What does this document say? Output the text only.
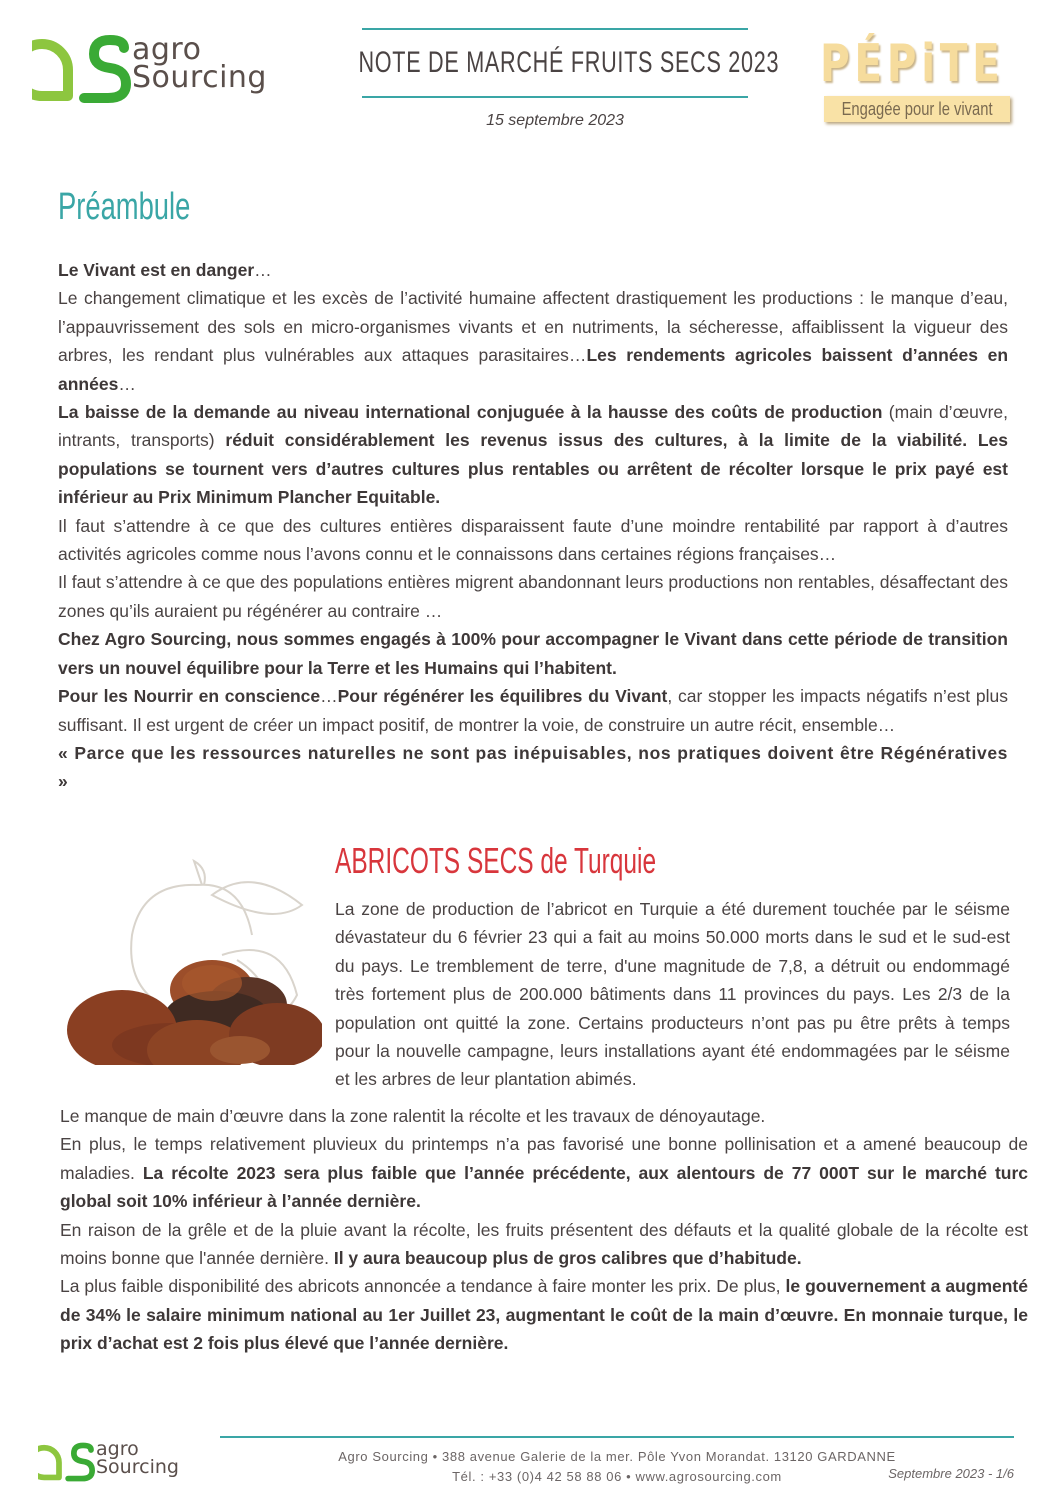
agro
Sourcing	NOTE DE MARCHÉ FRUITS SECS 2023
15 septembre 2023
PÉPiTE
Engagée pour le vivant
Préambule

Le Vivant est en danger…

Le changement climatique et les excès de l’activité humaine affectent drastiquement les productions : le manque d’eau, l’appauvrissement des sols en micro-organismes vivants et en nutriments, la sécheresse, affaiblissent la vigueur des arbres, les rendant plus vulnérables aux attaques parasitaires…Les rendements agricoles baissent d’années en années…

La baisse de la demande au niveau international conjuguée à la hausse des coûts de production (main d’œuvre, intrants, transports) réduit considérablement les revenus issus des cultures, à la limite de la viabilité. Les populations se tournent vers d’autres cultures plus rentables ou arrêtent de récolter lorsque le prix payé est inférieur au Prix Minimum Plancher Equitable.

Il faut s’attendre à ce que des cultures entières disparaissent faute d’une moindre rentabilité par rapport à d’autres activités agricoles comme nous l’avons connu et le connaissons dans certaines régions françaises…

Il faut s’attendre à ce que des populations entières migrent abandonnant leurs productions non rentables, désaffectant des zones qu’ils auraient pu régénérer au contraire …

Chez Agro Sourcing, nous sommes engagés à 100% pour accompagner le Vivant dans cette période de transition vers un nouvel équilibre pour la Terre et les Humains qui l’habitent.

Pour les Nourrir en conscience…Pour régénérer les équilibres du Vivant, car stopper les impacts négatifs n’est plus suffisant. Il est urgent de créer un impact positif, de montrer la voie, de construire un autre récit, ensemble…

« Parce que les ressources naturelles ne sont pas inépuisables, nos pratiques doivent être Régénératives »

ABRICOTS SECS de Turquie

La zone de production de l’abricot en Turquie a été durement touchée par le séisme dévastateur du 6 février 23 qui a fait au moins 50.000 morts dans le sud et le sud-est du pays. Le tremblement de terre, d'une magnitude de 7,8, a détruit ou endommagé très fortement plus de 200.000 bâtiments dans 11 provinces du pays. Les 2/3 de la population ont quitté la zone. Certains producteurs n’ont pas pu être prêts à temps pour la nouvelle campagne, leurs installations ayant été endommagées par le séisme et les arbres de leur plantation abimés.

Le manque de main d’œuvre dans la zone ralentit la récolte et les travaux de dénoyautage.

En plus, le temps relativement pluvieux du printemps n’a pas favorisé une bonne pollinisation et a amené beaucoup de maladies. La récolte 2023 sera plus faible que l’année précédente, aux alentours de 77 000T sur le marché turc global soit 10% inférieur à l’année dernière.

En raison de la grêle et de la pluie avant la récolte, les fruits présentent des défauts et la qualité globale de la récolte est moins bonne que l'année dernière. Il y aura beaucoup plus de gros calibres que d’habitude.

La plus faible disponibilité des abricots annoncée a tendance à faire monter les prix. De plus, le gouvernement a augmenté de 34% le salaire minimum national au 1er Juillet 23, augmentant le coût de la main d’œuvre. En monnaie turque, le prix d’achat est 2 fois plus élevé que l’année dernière.

Septembre 2023 - 1/6
agro
Sourcing	Agro Sourcing • 388 avenue Galerie de la mer. Pôle Yvon Morandat. 13120 GARDANNE
Tél. : +33 (0)4 42 58 88 06 • www.agrosourcing.com
